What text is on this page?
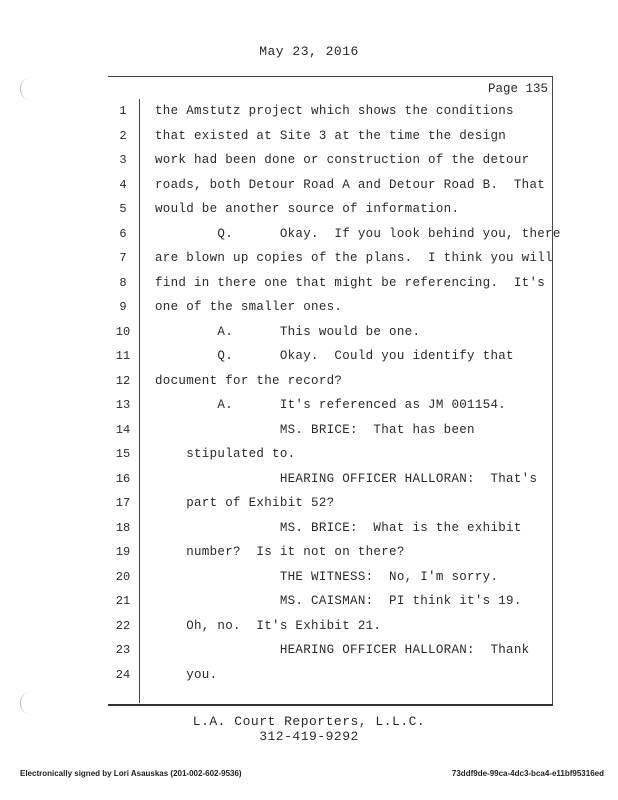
May 23, 2016
Page 135
1	the Amstutz project which shows the conditions
2	that existed at Site 3 at the time the design
3	work had been done or construction of the detour
4	roads, both Detour Road A and Detour Road B.  That
5	would be another source of information.
6	Q.      Okay.  If you look behind you, there
7	are blown up copies of the plans.  I think you will
8	find in there one that might be referencing.  It's
9	one of the smaller ones.
10	A.      This would be one.
11	Q.      Okay.  Could you identify that
12	document for the record?
13	A.      It's referenced as JM 001154.
14	MS. BRICE:  That has been
15	stipulated to.
16	HEARING OFFICER HALLORAN:  That's
17	part of Exhibit 52?
18	MS. BRICE:  What is the exhibit
19	number?  Is it not on there?
20	THE WITNESS:  No, I'm sorry.
21	MS. CAISMAN:  PI think it's 19.
22	Oh, no.  It's Exhibit 21.
23	HEARING OFFICER HALLORAN:  Thank
24	you.
L.A. Court Reporters, L.L.C.
312-419-9292
Electronically signed by Lori Asauskas (201-002-602-9536)	73ddf9de-99ca-4dc3-bca4-e11bf95316ed
